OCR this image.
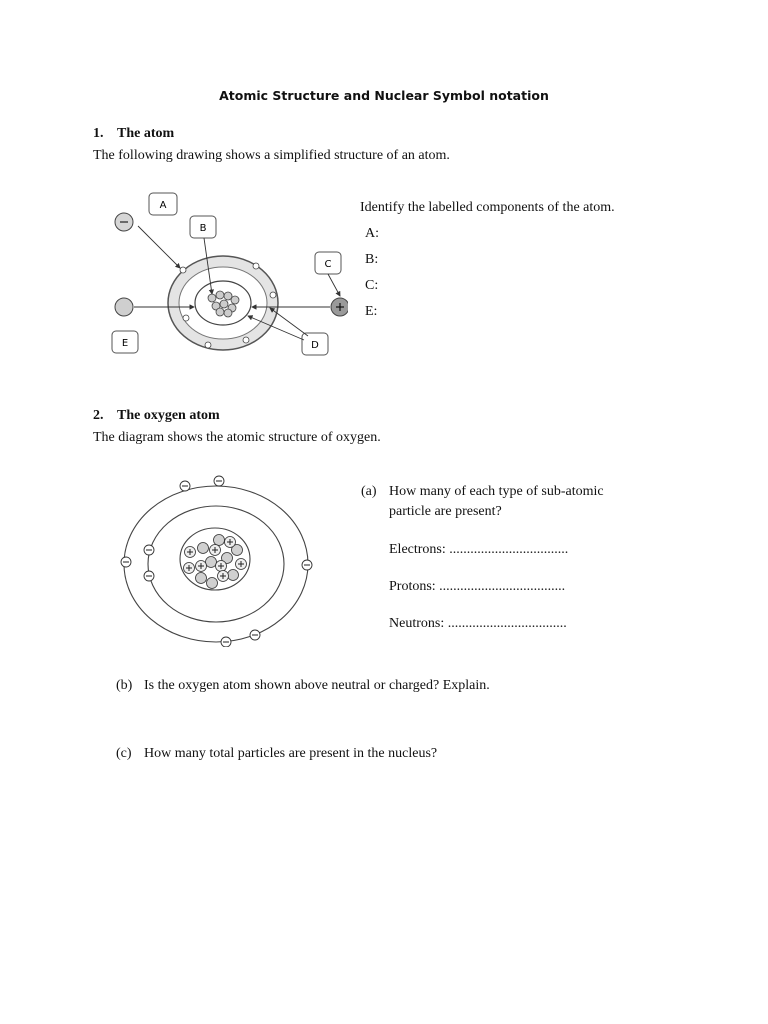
Atomic Structure and Nuclear Symbol notation
1. The atom
The following drawing shows a simplified structure of an atom.
A
B
C
D
E
Identify the labelled components of the atom.
A:
B:
C:
E:
2. The oxygen atom
The diagram shows the atomic structure of oxygen.
(a) How many of each type of sub-atomic
particle are present?
Electrons: ..................................
Protons: ....................................
Neutrons: ..................................
(b) Is the oxygen atom shown above neutral or charged? Explain.
(c) How many total particles are present in the nucleus?
